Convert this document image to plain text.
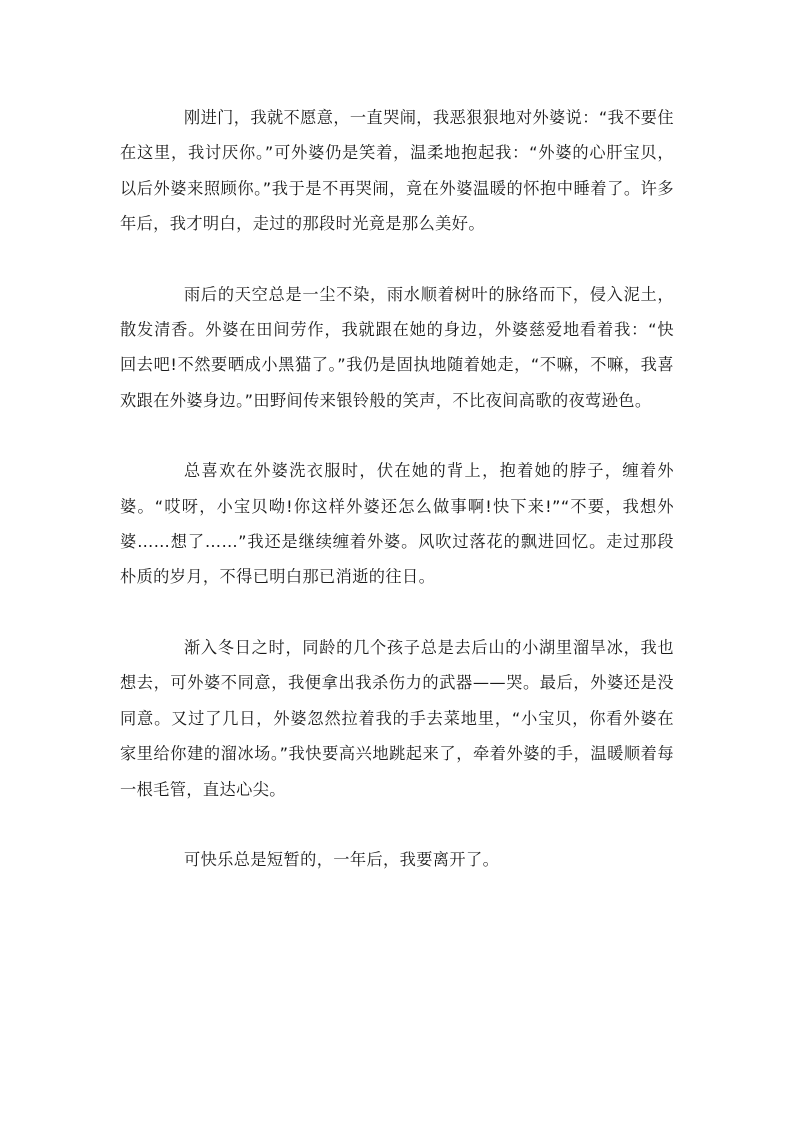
刚进门，我就不愿意，一直哭闹，我恶狠狠地对外婆说：“我不要住在这里，我讨厌你。”可外婆仍是笑着，温柔地抱起我：“外婆的心肝宝贝，以后外婆来照顾你。”我于是不再哭闹，竟在外婆温暖的怀抱中睡着了。许多年后，我才明白，走过的那段时光竟是那么美好。

雨后的天空总是一尘不染，雨水顺着树叶的脉络而下，侵入泥土，散发清香。外婆在田间劳作，我就跟在她的身边，外婆慈爱地看着我：“快回去吧!不然要晒成小黑猫了。”我仍是固执地随着她走，“不嘛，不嘛，我喜欢跟在外婆身边。”田野间传来银铃般的笑声，不比夜间高歌的夜莺逊色。

总喜欢在外婆洗衣服时，伏在她的背上，抱着她的脖子，缠着外婆。“哎呀，小宝贝呦!你这样外婆还怎么做事啊!快下来!”“不要，我想外婆……想了……”我还是继续缠着外婆。风吹过落花的飘进回忆。走过那段朴质的岁月，不得已明白那已消逝的往日。

渐入冬日之时，同龄的几个孩子总是去后山的小湖里溜旱冰，我也想去，可外婆不同意，我便拿出我杀伤力的武器——哭。最后，外婆还是没同意。又过了几日，外婆忽然拉着我的手去菜地里，“小宝贝，你看外婆在家里给你建的溜冰场。”我快要高兴地跳起来了，牵着外婆的手，温暖顺着每一根毛管，直达心尖。

可快乐总是短暂的，一年后，我要离开了。
